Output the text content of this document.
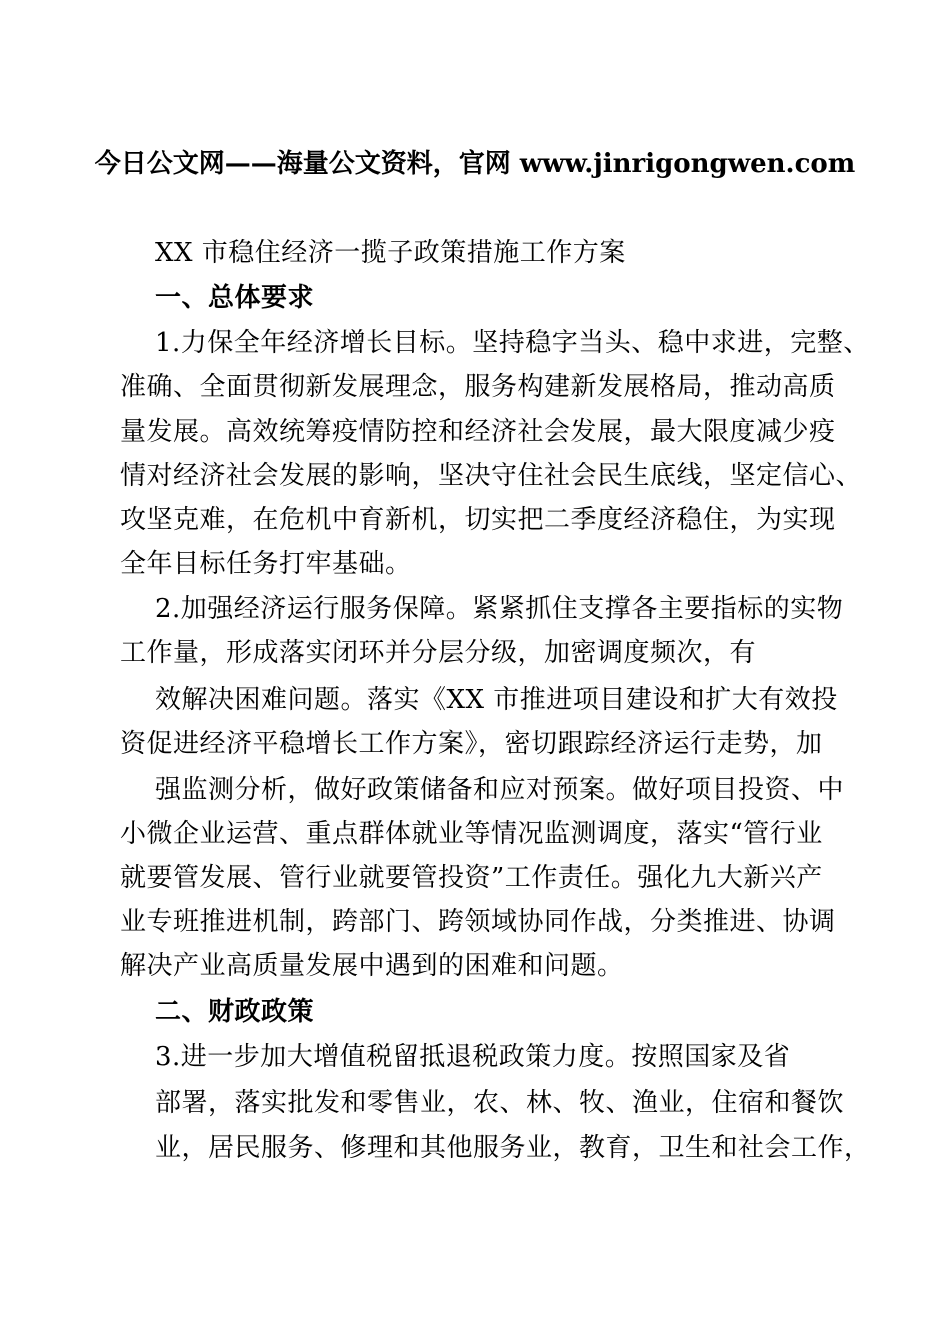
今日公文网——海量公文资料，官网 www.jinrigongwen.com
XX 市稳住经济一揽子政策措施工作方案
一、总体要求
1.力保全年经济增长目标。坚持稳字当头、稳中求进，完整、
准确、全面贯彻新发展理念，服务构建新发展格局，推动高质
量发展。高效统筹疫情防控和经济社会发展，最大限度减少疫
情对经济社会发展的影响，坚决守住社会民生底线，坚定信心、
攻坚克难，在危机中育新机，切实把二季度经济稳住，为实现
全年目标任务打牢基础。
2.加强经济运行服务保障。紧紧抓住支撑各主要指标的实物
工作量，形成落实闭环并分层分级，加密调度频次，有
效解决困难问题。落实《XX 市推进项目建设和扩大有效投
资促进经济平稳增长工作方案》，密切跟踪经济运行走势，加
强监测分析，做好政策储备和应对预案。做好项目投资、中
小微企业运营、重点群体就业等情况监测调度，落实“管行业
就要管发展、管行业就要管投资”工作责任。强化九大新兴产
业专班推进机制，跨部门、跨领域协同作战，分类推进、协调
解决产业高质量发展中遇到的困难和问题。
二、财政政策
3.进一步加大增值税留抵退税政策力度。按照国家及省
部署，落实批发和零售业，农、林、牧、渔业，住宿和餐饮
业，居民服务、修理和其他服务业，教育，卫生和社会工作，
